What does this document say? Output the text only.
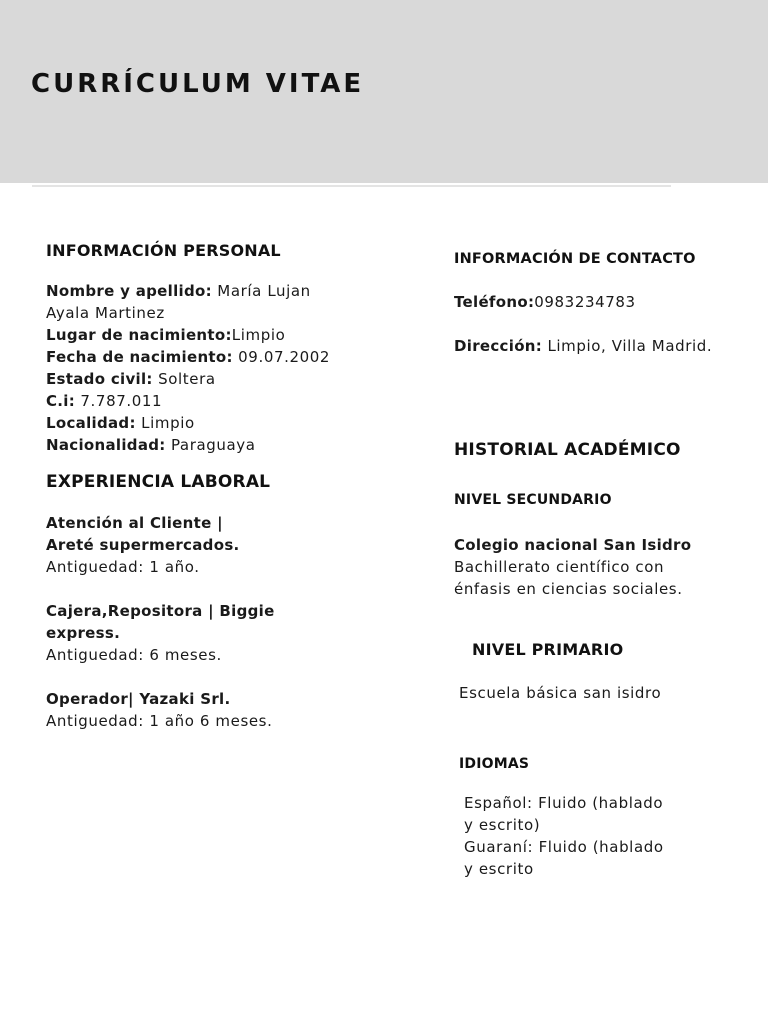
CURRÍCULUM VITAE
INFORMACIÓN PERSONAL
Nombre y apellido: María Lujan Ayala Martinez
Lugar de nacimiento:Limpio
Fecha de nacimiento: 09.07.2002
Estado civil: Soltera
C.i: 7.787.011
Localidad: Limpio
Nacionalidad: Paraguaya
EXPERIENCIA LABORAL
Atención al Cliente | Areté supermercados.
Antiguedad: 1 año.
Cajera,Repositora | Biggie express.
Antiguedad: 6 meses.
Operador| Yazaki Srl.
Antiguedad: 1 año 6 meses.
INFORMACIÓN DE CONTACTO
Teléfono:0983234783
Dirección: Limpio, Villa Madrid.
HISTORIAL ACADÉMICO
NIVEL SECUNDARIO
Colegio nacional San Isidro
Bachillerato científico con énfasis en ciencias sociales.
NIVEL PRIMARIO
Escuela básica san isidro
IDIOMAS
Español: Fluido (hablado y escrito)
Guaraní: Fluido (hablado y escrito
